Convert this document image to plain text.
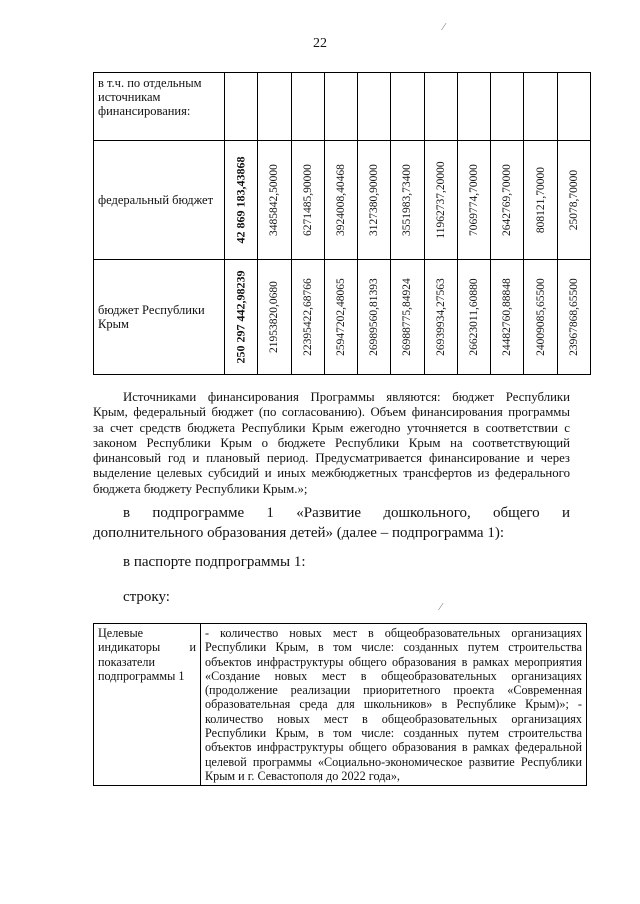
22
в т.ч. по отдельным источникам финансирования:											
федеральный бюджет	42 869 183,43868	3485842,50000	6271485,90000	3924008,40468	3127380,90000	3551983,73400	11962737,20000	7069774,70000	2642769,70000	808121,70000	25078,70000

бюджет Республики Крым	250 297 442,98239	21953820,0680	22395422,68766	25947202,48065	26989560,81393	26988775,84924	26939934,27563	26623011,60880	24482760,88848	24009085,65500	23967868,65500
Источниками финансирования Программы являются: бюджет Республики
Крым, федеральный бюджет (по согласованию). Объем финансирования программы
за счет средств бюджета Республики Крым ежегодно уточняется в соответствии с
законом Республики Крым о бюджете Республики Крым на соответствующий
финансовый год и плановый период. Предусматривается финансирование и через
выделение целевых субсидий и иных межбюджетных трансфертов из федерального
бюджета бюджету Республики Крым.»;
в подпрограмме 1 «Развитие дошкольного, общего и
дополнительного образования детей» (далее – подпрограмма 1):
в паспорте подпрограммы 1:
строку:
Целевые
индикаторы и
показатели
подпрограммы 1
	- количество новых мест в общеобразовательных организациях Республики Крым, в том числе: созданных путем строительства объектов инфраструктуры общего образования в рамках мероприятия «Создание новых мест в общеобразовательных организациях (продолжение реализации приоритетного проекта «Современная образовательная среда для школьников» в Республике Крым)»; - количество новых мест в общеобразовательных организациях Республики Крым, в том числе: созданных путем строительства объектов инфраструктуры общего образования в рамках федеральной целевой программы «Социально-экономическое развитие Республики Крым и г. Севастополя до 2022 года»,
⁄
⁄
